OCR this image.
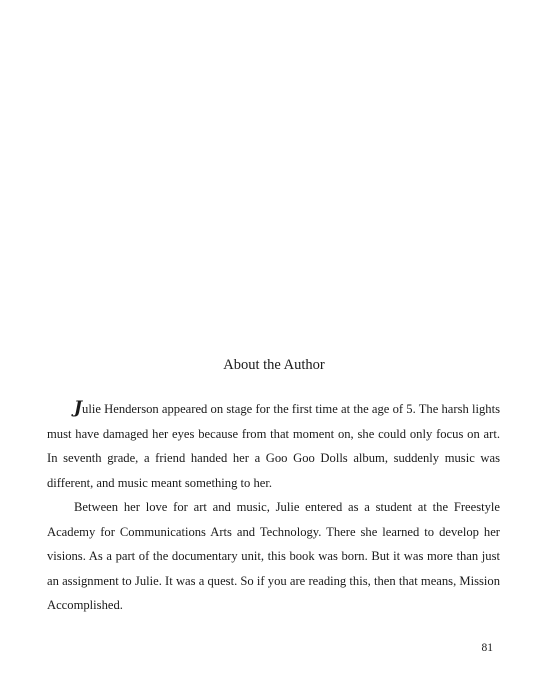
About the Author

Julie Henderson appeared on stage for the first time at the age of 5. The harsh lights must have damaged her eyes because from that moment on, she could only focus on art. In seventh grade, a friend handed her a Goo Goo Dolls album, suddenly music was different, and music meant something to her.

Between her love for art and music, Julie entered as a student at the Freestyle Academy for Communications Arts and Technology. There she learned to develop her visions. As a part of the documentary unit, this book was born. But it was more than just an assignment to Julie. It was a quest. So if you are reading this, then that means, Mission Accomplished.

81
